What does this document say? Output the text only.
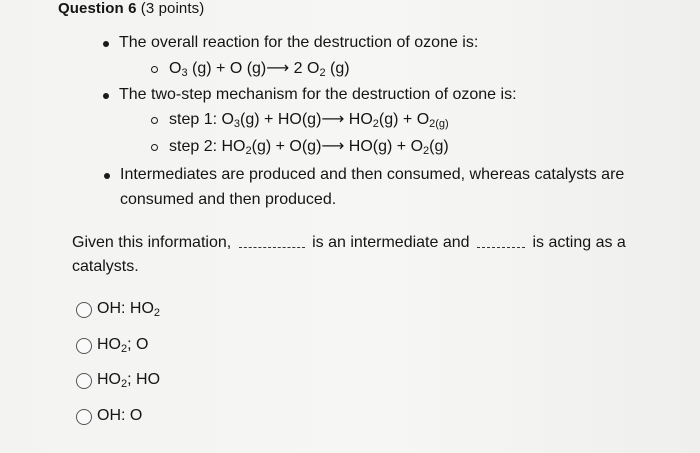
Question 6 (3 points)
The overall reaction for the destruction of ozone is:
$O_3$ (g) + O (g)⟶ 2 $O_2$ (g)
The two-step mechanism for the destruction of ozone is:
step 1: $O_3(g)$ + HO(g)⟶ $HO_2(g) + O_{2(g)}$
step 2: $HO_2(g)$ + O(g)⟶ $HO(g) + O_2(g)$
Intermediates are produced and then consumed, whereas catalysts are
consumed and then produced.
Given this information,	is an intermediate and	is acting as a
catalysts.
OH: $HO_2$
$HO_2$; O
$HO_2$; HO
OH: O
